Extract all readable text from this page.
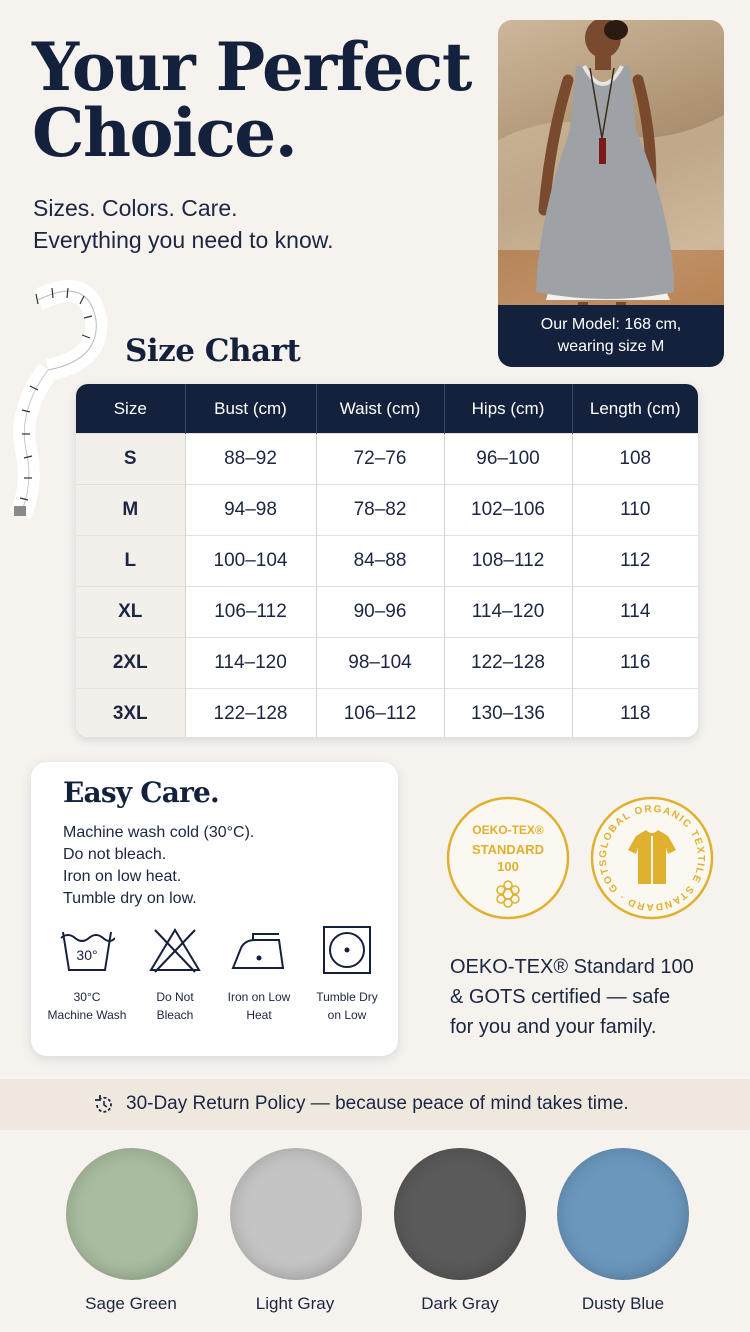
Your Perfect
Choice.
Sizes. Colors. Care.
Everything you need to know.
Our Model: 168 cm,
wearing size M
Size Chart
Size	Bust (cm)	Waist (cm)	Hips (cm)	Length (cm)
S	88–92	72–76	96–100	108
M	94–98	78–82	102–106	110
L	100–104	84–88	108–112	112
XL	106–112	90–96	114–120	114
2XL	114–120	98–104	122–128	116
3XL	122–128	106–112	130–136	118
Easy Care.
Machine wash cold (30°C).
Do not bleach.
Iron on low heat.
Tumble dry on low.
30°
30°C
Machine Wash
Do Not
Bleach
Iron on Low
Heat
Tumble Dry
on Low
OEKO-TEX®
STANDARD
100
GLOBAL ORGANIC TEXTILE STANDARD · GOTS
OEKO-TEX® Standard 100
& GOTS certified — safe
for you and your family.
30-Day Return Policy — because peace of mind takes time.
Sage Green	Light Gray	Dark Gray	Dusty Blue
